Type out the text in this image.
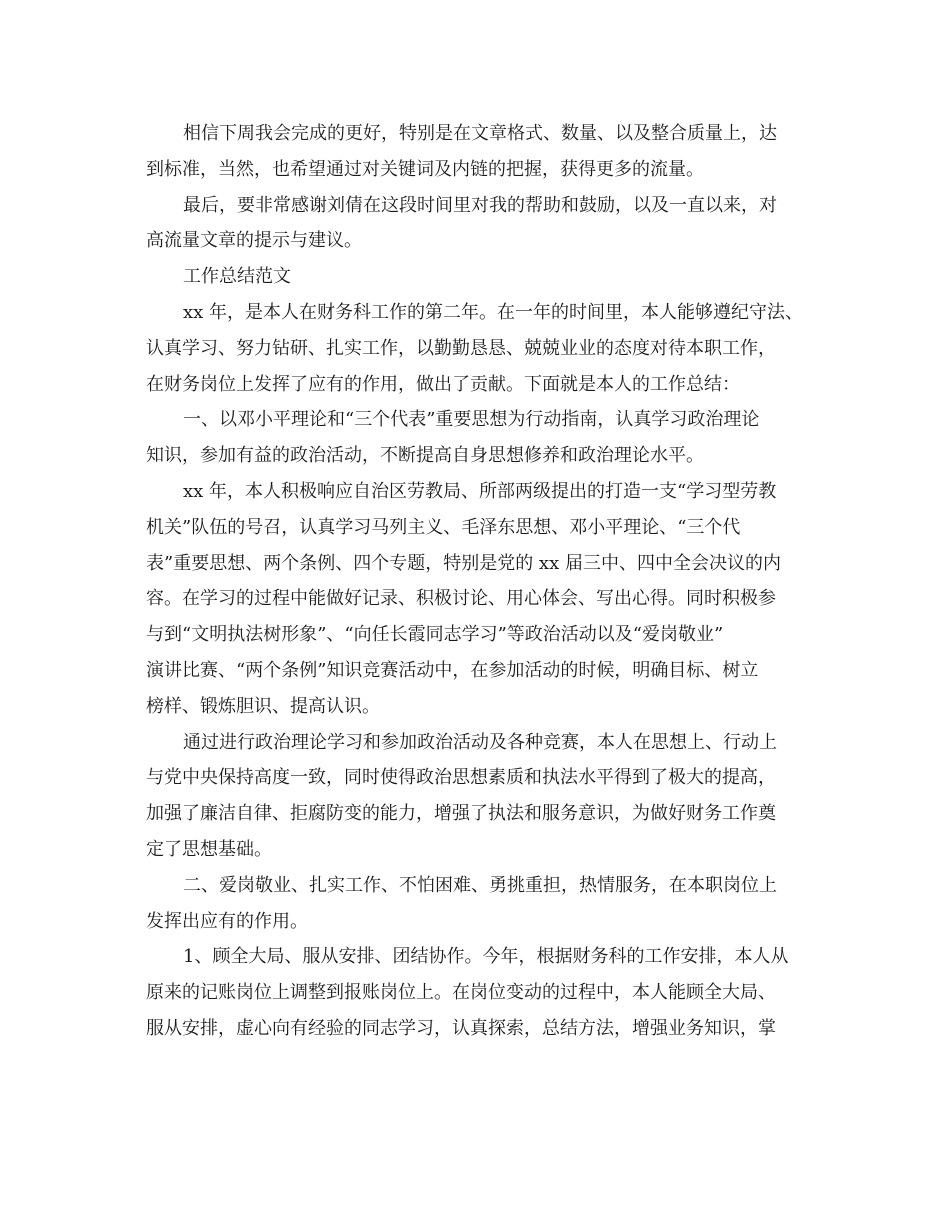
相信下周我会完成的更好，特别是在文章格式、数量、以及整合质量上，达
到标准，当然，也希望通过对关键词及内链的把握，获得更多的流量。
最后，要非常感谢刘倩在这段时间里对我的帮助和鼓励，以及一直以来，对
高流量文章的提示与建议。
工作总结范文
xx 年，是本人在财务科工作的第二年。在一年的时间里，本人能够遵纪守法、
认真学习、努力钻研、扎实工作，以勤勤恳恳、兢兢业业的态度对待本职工作，
在财务岗位上发挥了应有的作用，做出了贡献。下面就是本人的工作总结：
一、以邓小平理论和“三个代表”重要思想为行动指南，认真学习政治理论
知识，参加有益的政治活动，不断提高自身思想修养和政治理论水平。
xx 年，本人积极响应自治区劳教局、所部两级提出的打造一支“学习型劳教
机关”队伍的号召，认真学习马列主义、毛泽东思想、邓小平理论、“三个代
表”重要思想、两个条例、四个专题，特别是党的 xx 届三中、四中全会决议的内
容。在学习的过程中能做好记录、积极讨论、用心体会、写出心得。同时积极参
与到“文明执法树形象”、“向任长霞同志学习”等政治活动以及“爱岗敬业”
演讲比赛、“两个条例”知识竞赛活动中，在参加活动的时候，明确目标、树立
榜样、锻炼胆识、提高认识。
通过进行政治理论学习和参加政治活动及各种竞赛，本人在思想上、行动上
与党中央保持高度一致，同时使得政治思想素质和执法水平得到了极大的提高，
加强了廉洁自律、拒腐防变的能力，增强了执法和服务意识，为做好财务工作奠
定了思想基础。
二、爱岗敬业、扎实工作、不怕困难、勇挑重担，热情服务，在本职岗位上
发挥出应有的作用。
1、顾全大局、服从安排、团结协作。今年，根据财务科的工作安排，本人从
原来的记账岗位上调整到报账岗位上。在岗位变动的过程中，本人能顾全大局、
服从安排，虚心向有经验的同志学习，认真探索，总结方法，增强业务知识，掌
